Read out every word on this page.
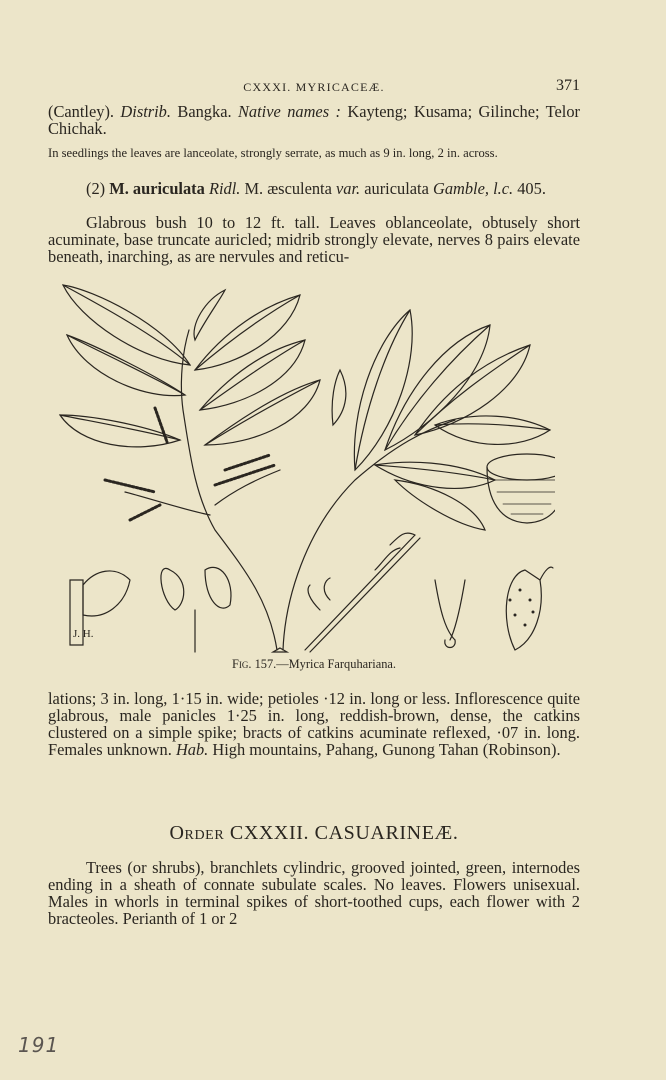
CXXXI. MYRICACEÆ.	371
(Cantley). Distrib. Bangka. Native names : Kayteng; Kusama; Gilinche; Telor Chichak.
In seedlings the leaves are lanceolate, strongly serrate, as much as 9 in. long, 2 in. across.
(2) M. auriculata Ridl. M. æsculenta var. auriculata Gamble, l.c. 405.
Glabrous bush 10 to 12 ft. tall. Leaves oblanceolate, obtusely short acuminate, base truncate auricled; midrib strongly elevate, nerves 8 pairs elevate beneath, inarching, as are nervules and reticu-
J. H.
Fig. 157.—Myrica Farquhariana.
lations; 3 in. long, 1·15 in. wide; petioles ·12 in. long or less. Inflorescence quite glabrous, male panicles 1·25 in. long, reddish-brown, dense, the catkins clustered on a simple spike; bracts of catkins acuminate reflexed, ·07 in. long. Females unknown. Hab. High mountains, Pahang, Gunong Tahan (Robinson).
Order CXXXII. CASUARINEÆ.
Trees (or shrubs), branchlets cylindric, grooved jointed, green, internodes ending in a sheath of connate subulate scales. No leaves. Flowers unisexual. Males in whorls in terminal spikes of short-toothed cups, each flower with 2 bracteoles. Perianth of 1 or 2
191
